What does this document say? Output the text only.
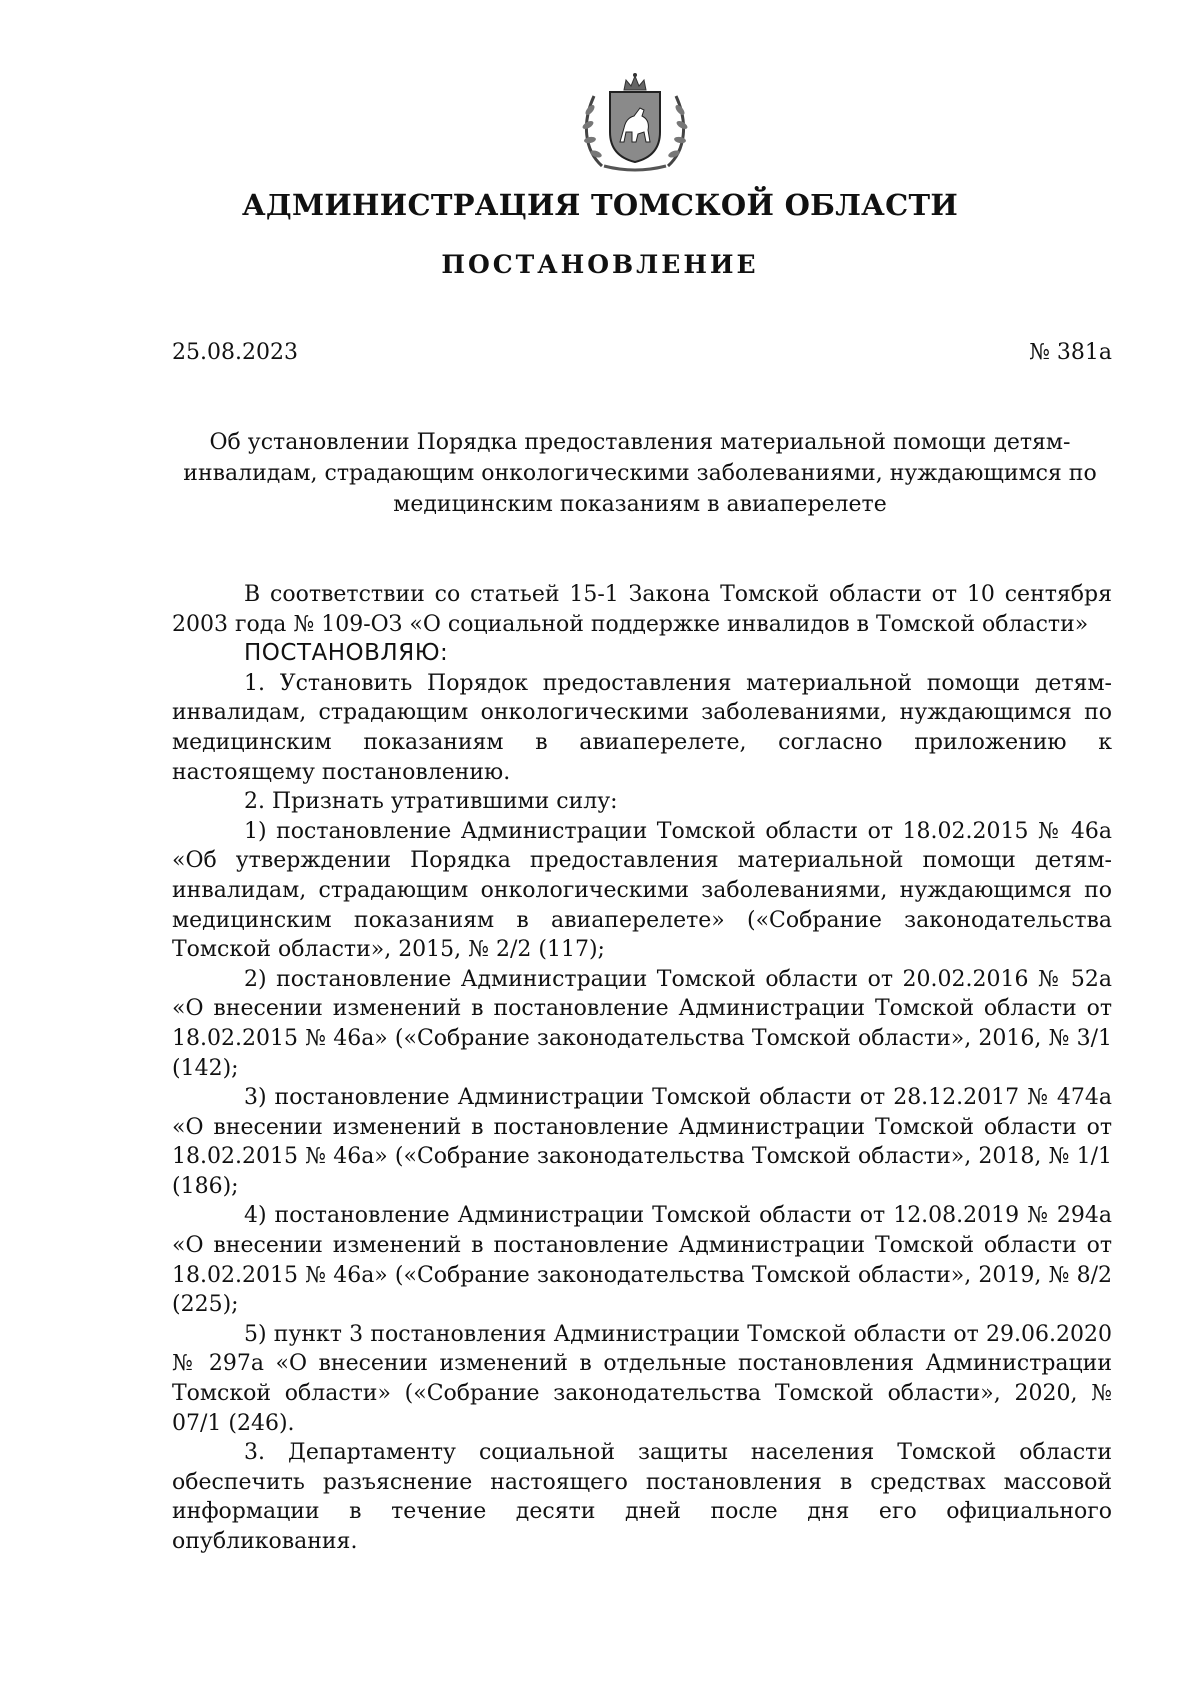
АДМИНИСТРАЦИЯ ТОМСКОЙ ОБЛАСТИ
ПОСТАНОВЛЕНИЕ
25.08.2023	№ 381а
Об установлении Порядка предоставления материальной помощи детям-инвалидам, страдающим онкологическими заболеваниями, нуждающимся по медицинским показаниям в авиаперелете

В соответствии со статьей 15-1 Закона Томской области от 10 сентября 2003 года № 109-ОЗ «О социальной поддержке инвалидов в Томской области»

ПОСТАНОВЛЯЮ:

1. Установить Порядок предоставления материальной помощи детям-инвалидам, страдающим онкологическими заболеваниями, нуждающимся по медицинским показаниям в авиаперелете, согласно приложению к настоящему постановлению.

2. Признать утратившими силу:

1) постановление Администрации Томской области от 18.02.2015 № 46а «Об утверждении Порядка предоставления материальной помощи детям-инвалидам, страдающим онкологическими заболеваниями, нуждающимся по медицинским показаниям в авиаперелете» («Собрание законодательства Томской области», 2015, № 2/2 (117);

2) постановление Администрации Томской области от 20.02.2016 № 52а «О внесении изменений в постановление Администрации Томской области от 18.02.2015 № 46а» («Собрание законодательства Томской области», 2016, № 3/1 (142);

3) постановление Администрации Томской области от 28.12.2017 № 474а «О внесении изменений в постановление Администрации Томской области от 18.02.2015 № 46а» («Собрание законодательства Томской области», 2018, № 1/1 (186);

4) постановление Администрации Томской области от 12.08.2019 № 294а «О внесении изменений в постановление Администрации Томской области от 18.02.2015 № 46а» («Собрание законодательства Томской области», 2019, № 8/2 (225);

5) пункт 3 постановления Администрации Томской области от 29.06.2020 № 297а «О внесении изменений в отдельные постановления Администрации Томской области» («Собрание законодательства Томской области», 2020, № 07/1 (246).

3. Департаменту социальной защиты населения Томской области обеспечить разъяснение настоящего постановления в средствах массовой информации в течение десяти дней после дня его официального опубликования.
